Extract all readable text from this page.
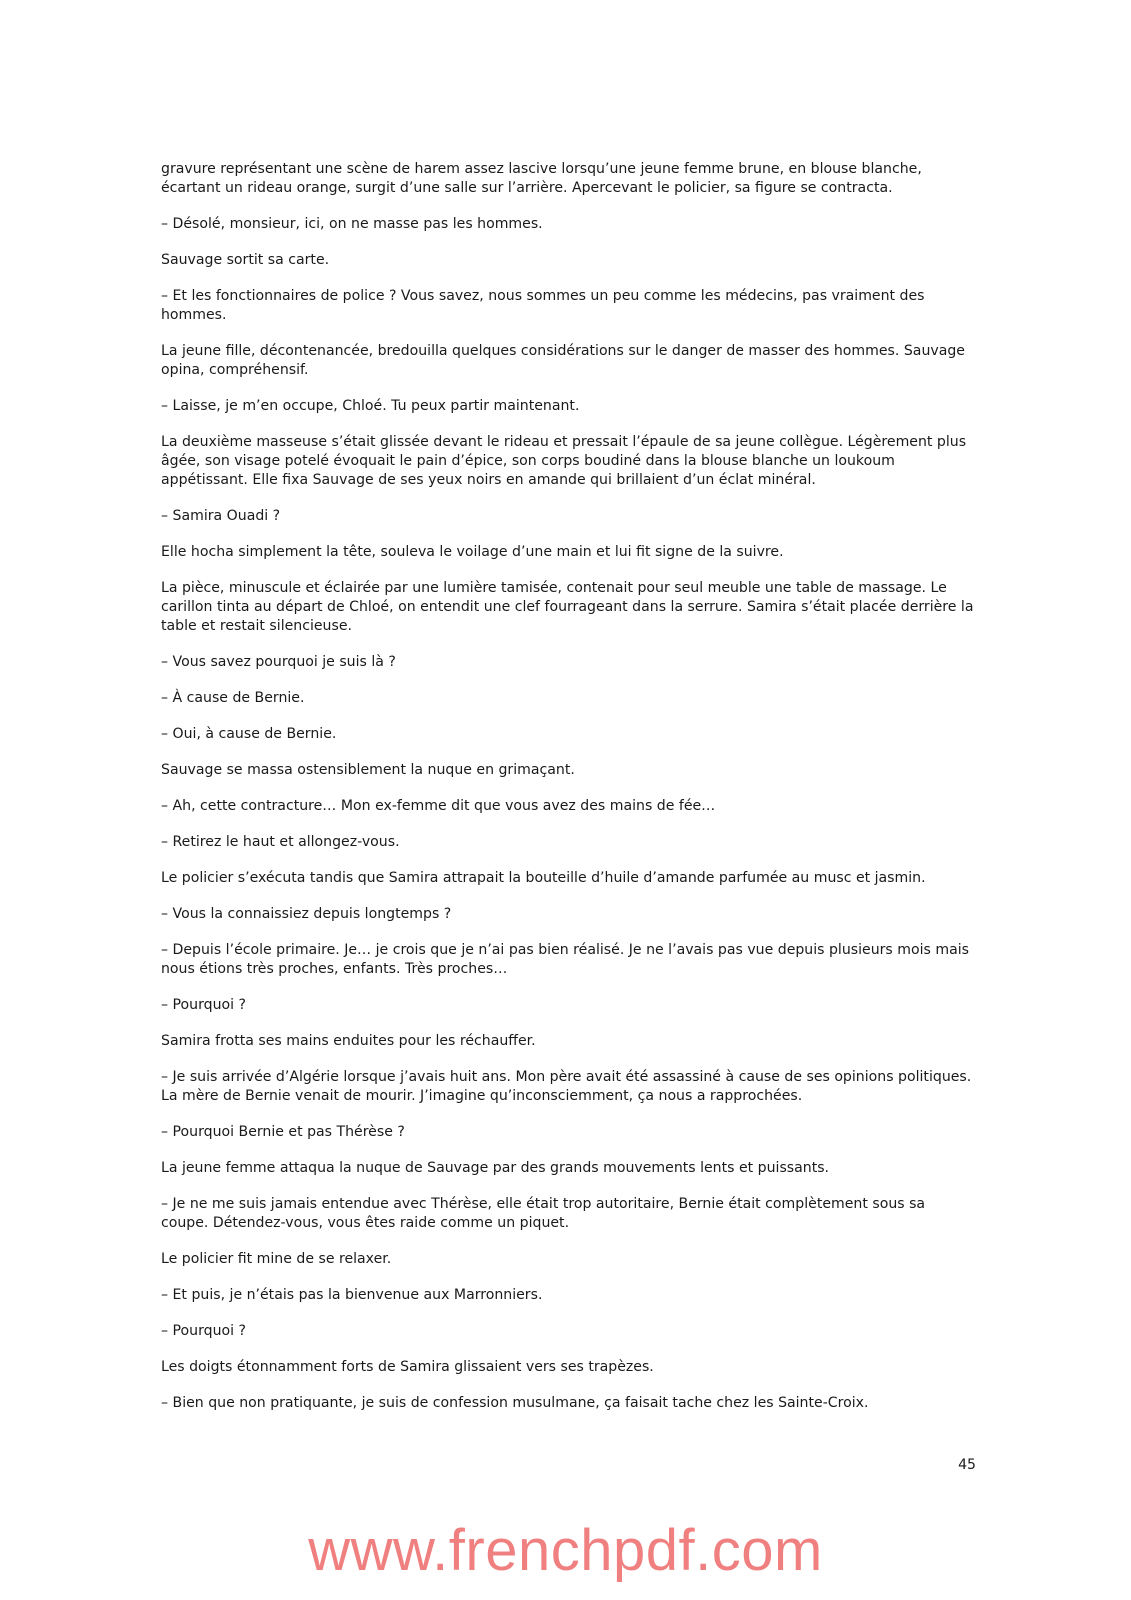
gravure représentant une scène de harem assez lascive lorsqu’une jeune femme brune, en blouse blanche, écartant un rideau orange, surgit d’une salle sur l’arrière. Apercevant le policier, sa figure se contracta.

– Désolé, monsieur, ici, on ne masse pas les hommes.

Sauvage sortit sa carte.

– Et les fonctionnaires de police ? Vous savez, nous sommes un peu comme les médecins, pas vraiment des hommes.

La jeune fille, décontenancée, bredouilla quelques considérations sur le danger de masser des hommes. Sauvage opina, compréhensif.

– Laisse, je m’en occupe, Chloé. Tu peux partir maintenant.

La deuxième masseuse s’était glissée devant le rideau et pressait l’épaule de sa jeune collègue. Légèrement plus âgée, son visage potelé évoquait le pain d’épice, son corps boudiné dans la blouse blanche un loukoum appétissant. Elle fixa Sauvage de ses yeux noirs en amande qui brillaient d’un éclat minéral.

– Samira Ouadi ?

Elle hocha simplement la tête, souleva le voilage d’une main et lui fit signe de la suivre.

La pièce, minuscule et éclairée par une lumière tamisée, contenait pour seul meuble une table de massage. Le carillon tinta au départ de Chloé, on entendit une clef fourrageant dans la serrure. Samira s’était placée derrière la table et restait silencieuse.

– Vous savez pourquoi je suis là ?

– À cause de Bernie.

– Oui, à cause de Bernie.

Sauvage se massa ostensiblement la nuque en grimaçant.

– Ah, cette contracture… Mon ex-femme dit que vous avez des mains de fée…

– Retirez le haut et allongez-vous.

Le policier s’exécuta tandis que Samira attrapait la bouteille d’huile d’amande parfumée au musc et jasmin.

– Vous la connaissiez depuis longtemps ?

– Depuis l’école primaire. Je… je crois que je n’ai pas bien réalisé. Je ne l’avais pas vue depuis plusieurs mois mais nous étions très proches, enfants. Très proches…

– Pourquoi ?

Samira frotta ses mains enduites pour les réchauffer.

– Je suis arrivée d’Algérie lorsque j’avais huit ans. Mon père avait été assassiné à cause de ses opinions politiques. La mère de Bernie venait de mourir. J’imagine qu’inconsciemment, ça nous a rapprochées.

– Pourquoi Bernie et pas Thérèse ?

La jeune femme attaqua la nuque de Sauvage par des grands mouvements lents et puissants.

– Je ne me suis jamais entendue avec Thérèse, elle était trop autoritaire, Bernie était complètement sous sa coupe. Détendez-vous, vous êtes raide comme un piquet.

Le policier fit mine de se relaxer.

– Et puis, je n’étais pas la bienvenue aux Marronniers.

– Pourquoi ?

Les doigts étonnamment forts de Samira glissaient vers ses trapèzes.

– Bien que non pratiquante, je suis de confession musulmane, ça faisait tache chez les Sainte-Croix.

45
www.frenchpdf.com
